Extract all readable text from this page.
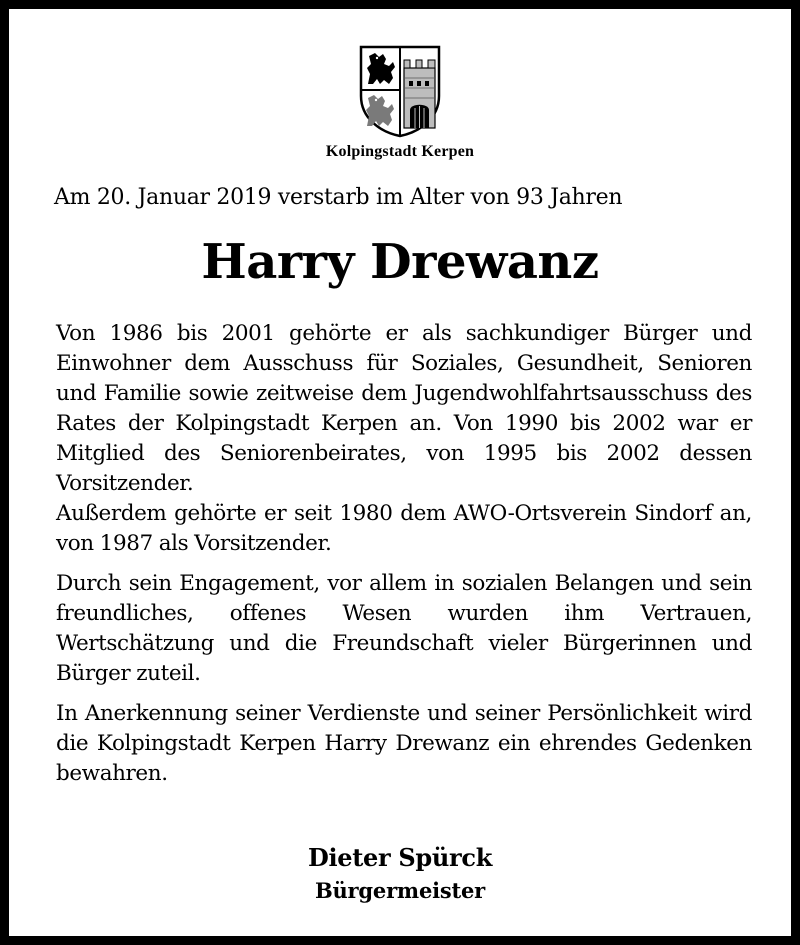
Kolpingstadt Kerpen
Am 20. Januar 2019 verstarb im Alter von 93 Jahren
Harry Drewanz

Von 1986 bis 2001 gehörte er als sachkundiger Bürger und Einwohner dem Ausschuss für Soziales, Gesundheit, Senioren und Familie sowie zeitweise dem Jugendwohlfahrtsausschuss des Rates der Kolpingstadt Kerpen an. Von 1990 bis 2002 war er Mitglied des Seniorenbeirates, von 1995 bis 2002 dessen Vorsitzender.

Außerdem gehörte er seit 1980 dem AWO-Ortsverein Sindorf an, von 1987 als Vorsitzender.

Durch sein Engagement, vor allem in sozialen Belangen und sein freundliches, offenes Wesen wurden ihm Vertrauen, Wertschätzung und die Freundschaft vieler Bürgerinnen und Bürger zuteil.

In Anerkennung seiner Verdienste und seiner Persönlichkeit wird die Kolpingstadt Kerpen Harry Drewanz ein ehrendes Gedenken bewahren.

Dieter Spürck
Bürgermeister
